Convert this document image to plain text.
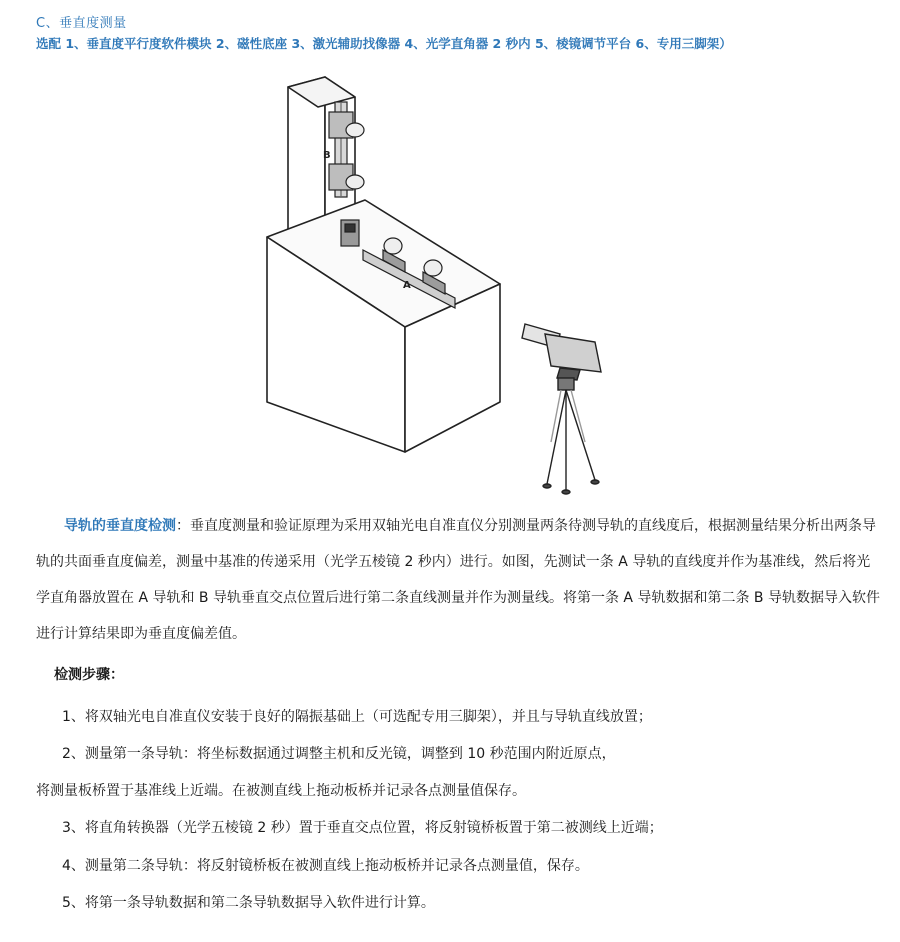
C、垂直度测量
选配 1、垂直度平行度软件模块 2、磁性底座 3、激光辅助找像器 4、光学直角器 2 秒内 5、棱镜调节平台 6、专用三脚架）
B
A

导轨的垂直度检测：垂直度测量和验证原理为采用双轴光电自准直仪分别测量两条待测导轨的直线度后，根据测量结果分析出两条导轨的共面垂直度偏差，测量中基准的传递采用（光学五棱镜 2 秒内）进行。如图，先测试一条 A 导轨的直线度并作为基准线，然后将光学直角器放置在 A 导轨和 B 导轨垂直交点位置后进行第二条直线测量并作为测量线。将第一条 A 导轨数据和第二条 B 导轨数据导入软件进行计算结果即为垂直度偏差值。

检测步骤：
1、将双轴光电自准直仪安装于良好的隔振基础上（可选配专用三脚架），并且与导轨直线放置；
2、测量第一条导轨：将坐标数据通过调整主机和反光镜，调整到 10 秒范围内附近原点，
将测量板桥置于基准线上近端。在被测直线上拖动板桥并记录各点测量值保存。
3、将直角转换器（光学五棱镜 2 秒）置于垂直交点位置，将反射镜桥板置于第二被测线上近端；
4、测量第二条导轨：将反射镜桥板在被测直线上拖动板桥并记录各点测量值，保存。
5、将第一条导轨数据和第二条导轨数据导入软件进行计算。
